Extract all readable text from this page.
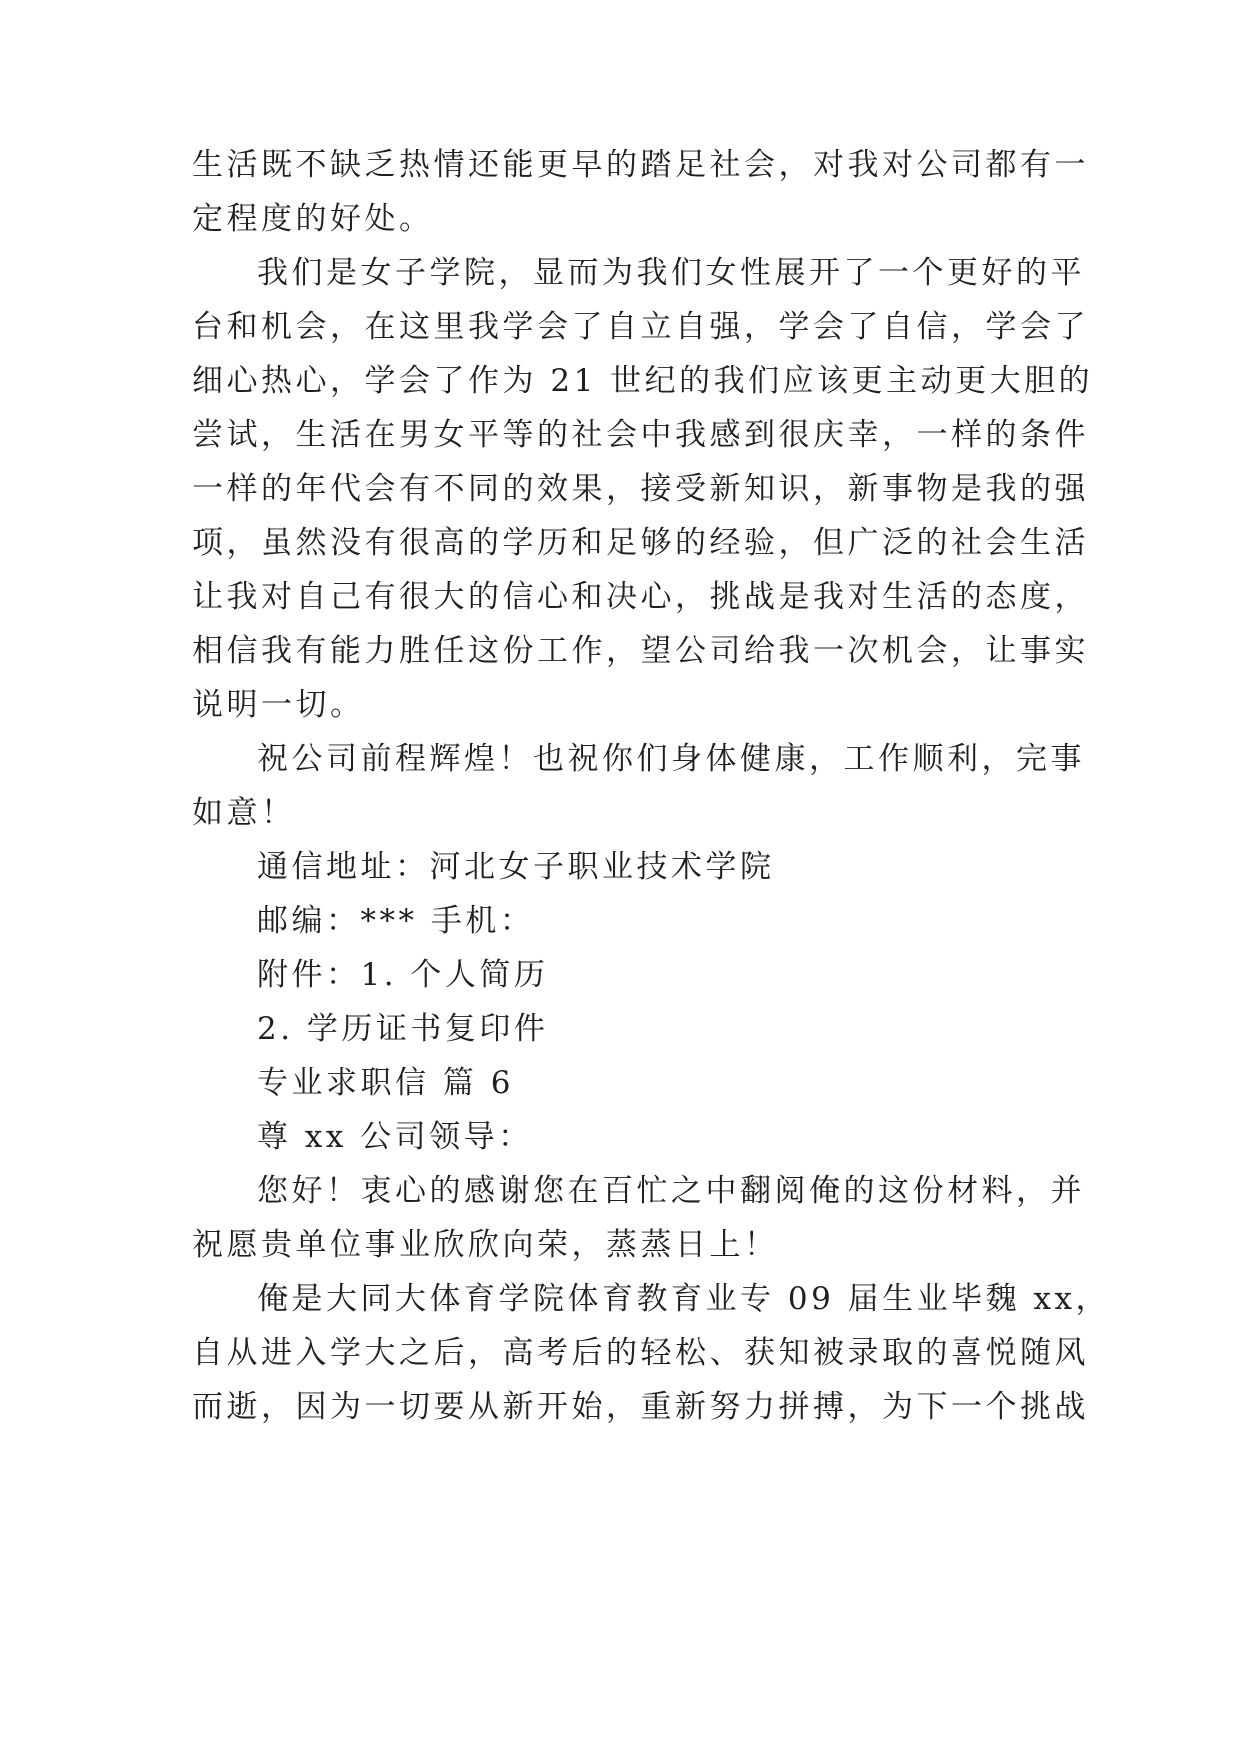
生活既不缺乏热情还能更早的踏足社会，对我对公司都有一
定程度的好处。
我们是女子学院，显而为我们女性展开了一个更好的平
台和机会，在这里我学会了自立自强，学会了自信，学会了
细心热心，学会了作为 21 世纪的我们应该更主动更大胆的
尝试，生活在男女平等的社会中我感到很庆幸，一样的条件
一样的年代会有不同的效果，接受新知识，新事物是我的强
项，虽然没有很高的学历和足够的经验，但广泛的社会生活
让我对自己有很大的信心和决心，挑战是我对生活的态度，
相信我有能力胜任这份工作，望公司给我一次机会，让事实
说明一切。
祝公司前程辉煌！也祝你们身体健康，工作顺利，完事
如意！
通信地址：河北女子职业技术学院
邮编：*** 手机：
附件：1. 个人简历
2. 学历证书复印件
专业求职信 篇 6
尊 xx 公司领导：
您好！衷心的感谢您在百忙之中翻阅俺的这份材料，并
祝愿贵单位事业欣欣向荣，蒸蒸日上！
俺是大同大体育学院体育教育业专 09 届生业毕魏 xx，
自从进入学大之后，高考后的轻松、获知被录取的喜悦随风
而逝，因为一切要从新开始，重新努力拼搏，为下一个挑战
